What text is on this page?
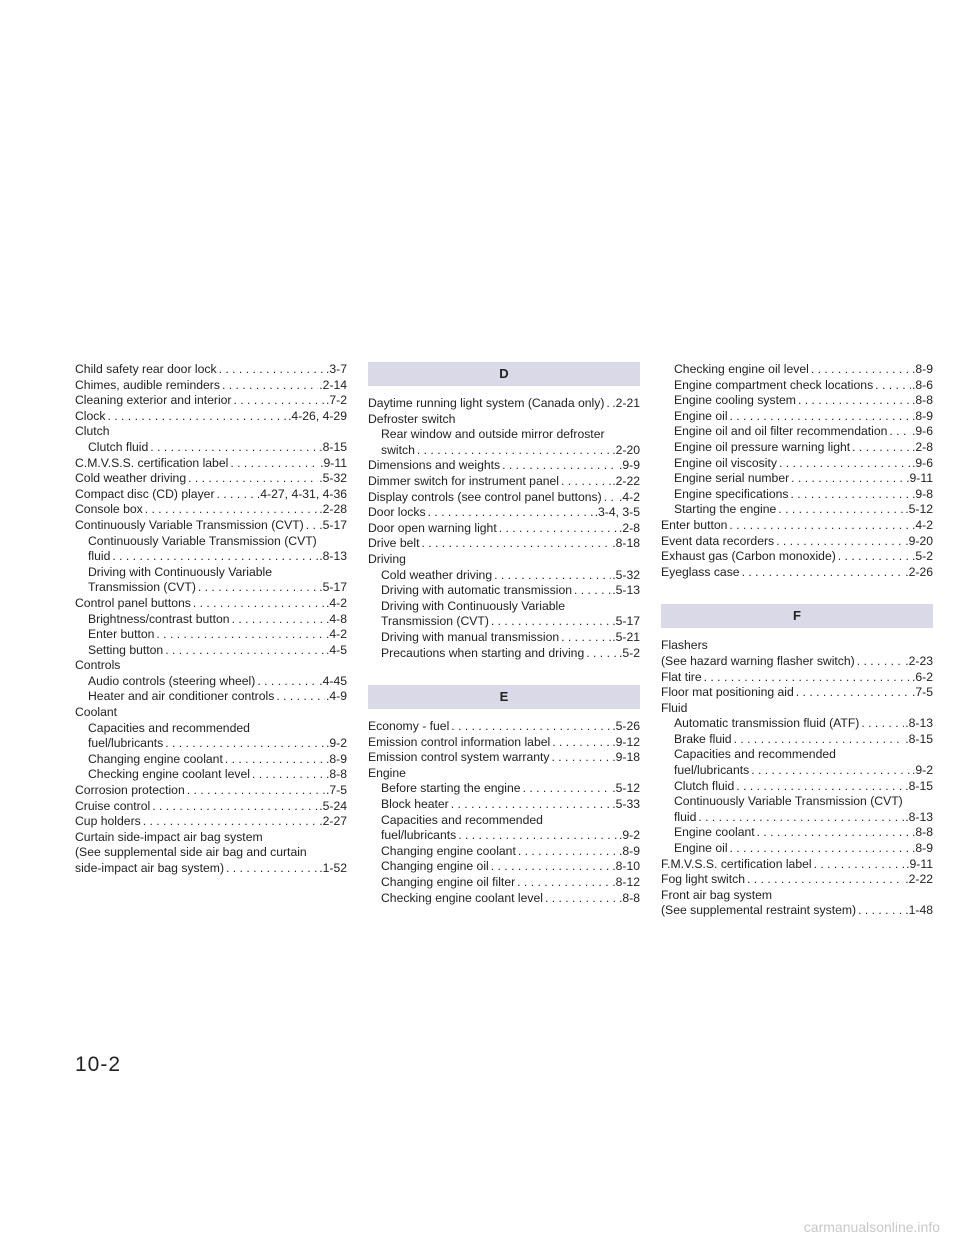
Child safety rear door lock . . .	.3-7
Chimes, audible reminders . . .	.2-14
Cleaning exterior and interior . . .	.7-2
Clock . . .	.4-26, 4-29
Clutch
Clutch fluid . . .	.8-15
C.M.V.S.S. certification label . . .	.9-11
Cold weather driving . . .	.5-32
Compact disc (CD) player . . .	.4-27, 4-31, 4-36
Console box . . .	.2-28
Continuously Variable Transmission (CVT) . . . .5-17
Continuously Variable Transmission (CVT)
fluid . . .	.8-13
Driving with Continuously Variable
Transmission (CVT) . . .	.5-17
Control panel buttons . . .	.4-2
Brightness/contrast button . . .	.4-8
Enter button . . .	.4-2
Setting button . . .	.4-5
Controls
Audio controls (steering wheel) . . .	.4-45
Heater and air conditioner controls . . .	.4-9
Coolant
Capacities and recommended
fuel/lubricants . . .	.9-2
Changing engine coolant . . .	.8-9
Checking engine coolant level . . .	.8-8
Corrosion protection . . .	.7-5
Cruise control . . .	.5-24
Cup holders . . .	.2-27
Curtain side-impact air bag system
(See supplemental side air bag and curtain
side-impact air bag system) . . .	.1-52
D
Daytime running light system (Canada only) . . . .2-21
Defroster switch
Rear window and outside mirror defroster
switch . . .	.2-20
Dimensions and weights . . .	.9-9
Dimmer switch for instrument panel . . .	.2-22
Display controls (see control panel buttons) . . . .4-2
Door locks . . .	.3-4, 3-5
Door open warning light . . .	.2-8
Drive belt . . .	.8-18
Driving
Cold weather driving . . .	.5-32
Driving with automatic transmission . . .	.5-13
Driving with Continuously Variable
Transmission (CVT) . . .	.5-17
Driving with manual transmission . . .	.5-21
Precautions when starting and driving . . .	.5-2
E
Economy - fuel . . .	.5-26
Emission control information label . . .	.9-12
Emission control system warranty . . .	.9-18
Engine
Before starting the engine . . .	.5-12
Block heater . . .	.5-33
Capacities and recommended
fuel/lubricants . . .	.9-2
Changing engine coolant . . .	.8-9
Changing engine oil . . .	.8-10
Changing engine oil filter . . .	.8-12
Checking engine coolant level . . .	.8-8
Checking engine oil level . . .	.8-9
Engine compartment check locations . . .	.8-6
Engine cooling system . . .	.8-8
Engine oil . . .	.8-9
Engine oil and oil filter recommendation . . . .9-6
Engine oil pressure warning light . . .	.2-8
Engine oil viscosity . . .	.9-6
Engine serial number . . .	.9-11
Engine specifications . . .	.9-8
Starting the engine . . .	.5-12
Enter button . . .	.4-2
Event data recorders . . .	.9-20
Exhaust gas (Carbon monoxide) . . .	.5-2
Eyeglass case . . .	.2-26
F
Flashers
(See hazard warning flasher switch) . . .	.2-23
Flat tire . . .	.6-2
Floor mat positioning aid . . .	.7-5
Fluid
Automatic transmission fluid (ATF) . . .	.8-13
Brake fluid . . .	.8-15
Capacities and recommended
fuel/lubricants . . .	.9-2
Clutch fluid . . .	.8-15
Continuously Variable Transmission (CVT)
fluid . . .	.8-13
Engine coolant . . .	.8-8
Engine oil . . .	.8-9
F.M.V.S.S. certification label . . .	.9-11
Fog light switch . . .	.2-22
Front air bag system
(See supplemental restraint system) . . .	.1-48
10-2
carmanualsonline.info
